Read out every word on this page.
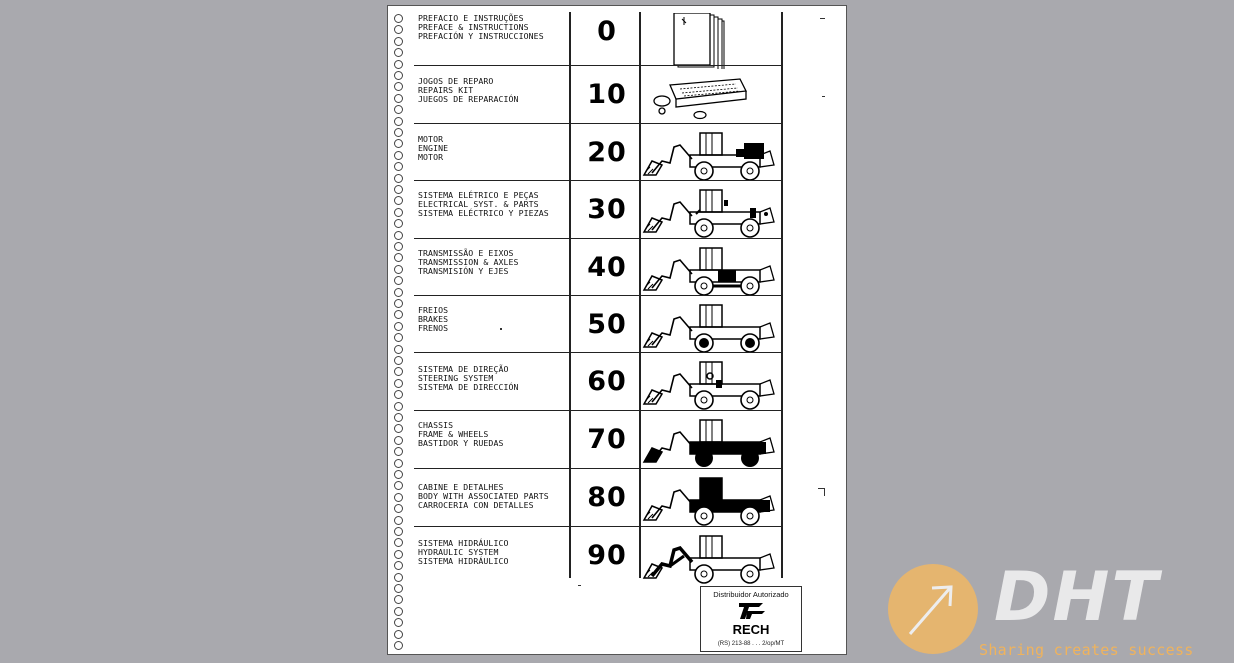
PREFACIO E INSTRUÇÕES
PREFACE & INSTRUCTIONS
PREFACIÓN Y INSTRUCCIONES	0
JOGOS DE REPARO
REPAIRS KIT
JUEGOS DE REPARACIÓN	10
MOTOR
ENGINE
MOTOR	20
SISTEMA ELÉTRICO E PEÇAS
ELECTRICAL SYST. & PARTS
SISTEMA ELÉCTRICO Y PIEZAS	30
TRANSMISSÃO E EIXOS
TRANSMISSION & AXLES
TRANSMISIÓN Y EJES	40
FREIOS
BRAKES
FRENOS	50
SISTEMA DE DIREÇÃO
STEERING SYSTEM
SISTEMA DE DIRECCIÓN	60
CHASSIS
FRAME & WHEELS
BASTIDOR Y RUEDAS	70
CABINE E DETALHES
BODY WITH ASSOCIATED PARTS
CARROCERIA CON DETALLES	80
SISTEMA HIDRÁULICO
HYDRAULIC SYSTEM
SISTEMA HIDRÁULICO	90
Distribuidor Autorizado
RECH
(RS) 213-88 . . . 2/op/MT
DHT
Sharing creates success
